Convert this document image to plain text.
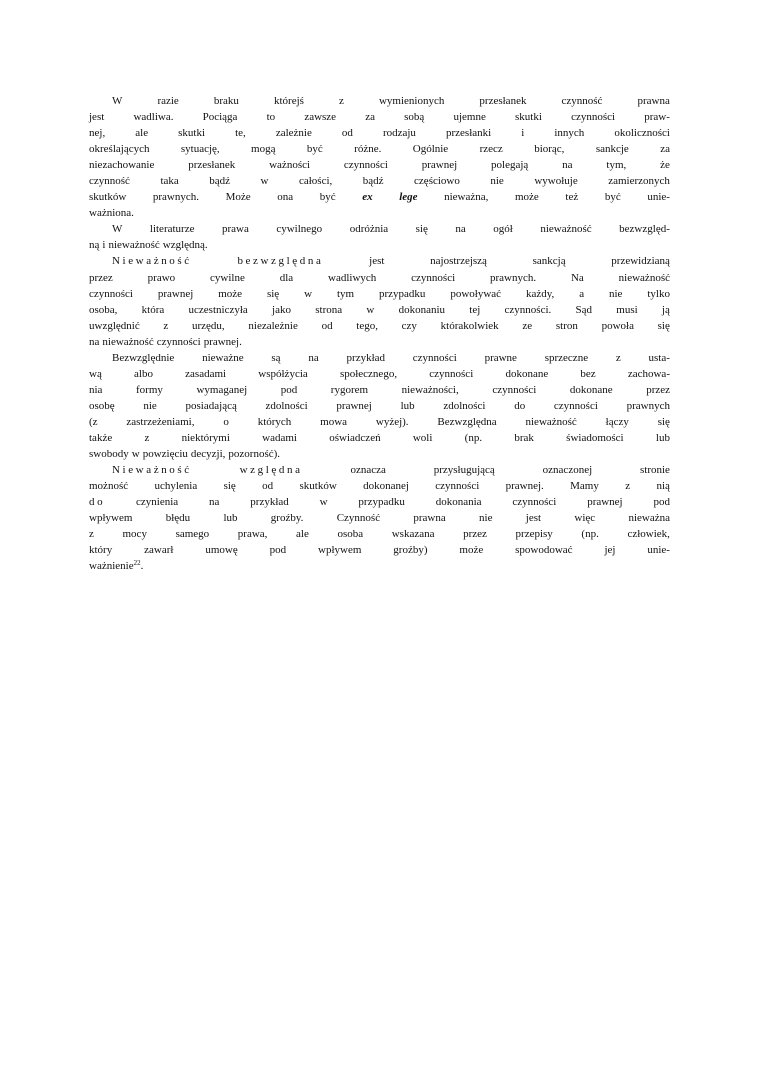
W	razie	braku	którejś	z	wymienionych	przesłanek	czynność	prawna
jest	wadliwa.	Pociąga	to	zawsze	za	sobą	ujemne	skutki	czynności	praw-
nej,	ale	skutki	te,	zależnie	od	rodzaju	przesłanki	i	innych	okoliczności
określających	sytuację,	mogą	być	różne.	Ogólnie	rzecz	biorąc,	sankcje	za
niezachowanie	przesłanek	ważności	czynności	prawnej	polegają	na	tym,	że
czynność	taka	bądź	w	całości,	bądź	częściowo	nie	wywołuje	zamierzonych
skutków prawnych. Może ona być ex lege nieważna, może też być unie-
ważniona.
W	literaturze	prawa	cywilnego	odróżnia	się	na	ogół	nieważność	bezwzględ-
ną i nieważność względną.
Nieważność	bezwzględna	jest	najostrzejszą	sankcją	przewidzianą
przez	prawo	cywilne	dla	wadliwych	czynności	prawnych.	Na	nieważność
czynności prawnej może się w tym przypadku powoływać każdy, a nie tylko
osoba, która uczestniczyła jako strona w dokonaniu tej czynności. Sąd musi ją
uwzględnić z urzędu, niezależnie od tego, czy którakolwiek ze stron powoła się
na nieważność czynności prawnej.
Bezwzględnie	nieważne	są	na	przykład	czynności	prawne	sprzeczne	z	usta-
wą	albo	zasadami	współżycia	społecznego,	czynności	dokonane	bez	zachowa-
nia	formy	wymaganej	pod	rygorem	nieważności,	czynności	dokonane	przez
osobę	nie	posiadającą	zdolności	prawnej	lub	zdolności	do	czynności	prawnych
(z	zastrzeżeniami,	o	których	mowa	wyżej).	Bezwzględna	nieważność	łączy	się
także	z	niektórymi	wadami	oświadczeń	woli	(np.	brak	świadomości	lub
swobody w powzięciu decyzji, pozorność).
Nieważność	względna	oznacza	przysługującą	oznaczonej	stronie
możność uchylenia się od skutków dokonanej czynności prawnej. Mamy z nią
do	czynienia	na	przykład	w	przypadku	dokonania	czynności	prawnej	pod
wpływem	błędu	lub	groźby.	Czynność	prawna	nie	jest	więc	nieważna
z	mocy	samego	prawa,	ale	osoba	wskazana	przez	przepisy	(np.	człowiek,
który	zawarł	umowę	pod	wpływem	groźby)	może	spowodować	jej	unie-
ważnienie$^{22}$.
